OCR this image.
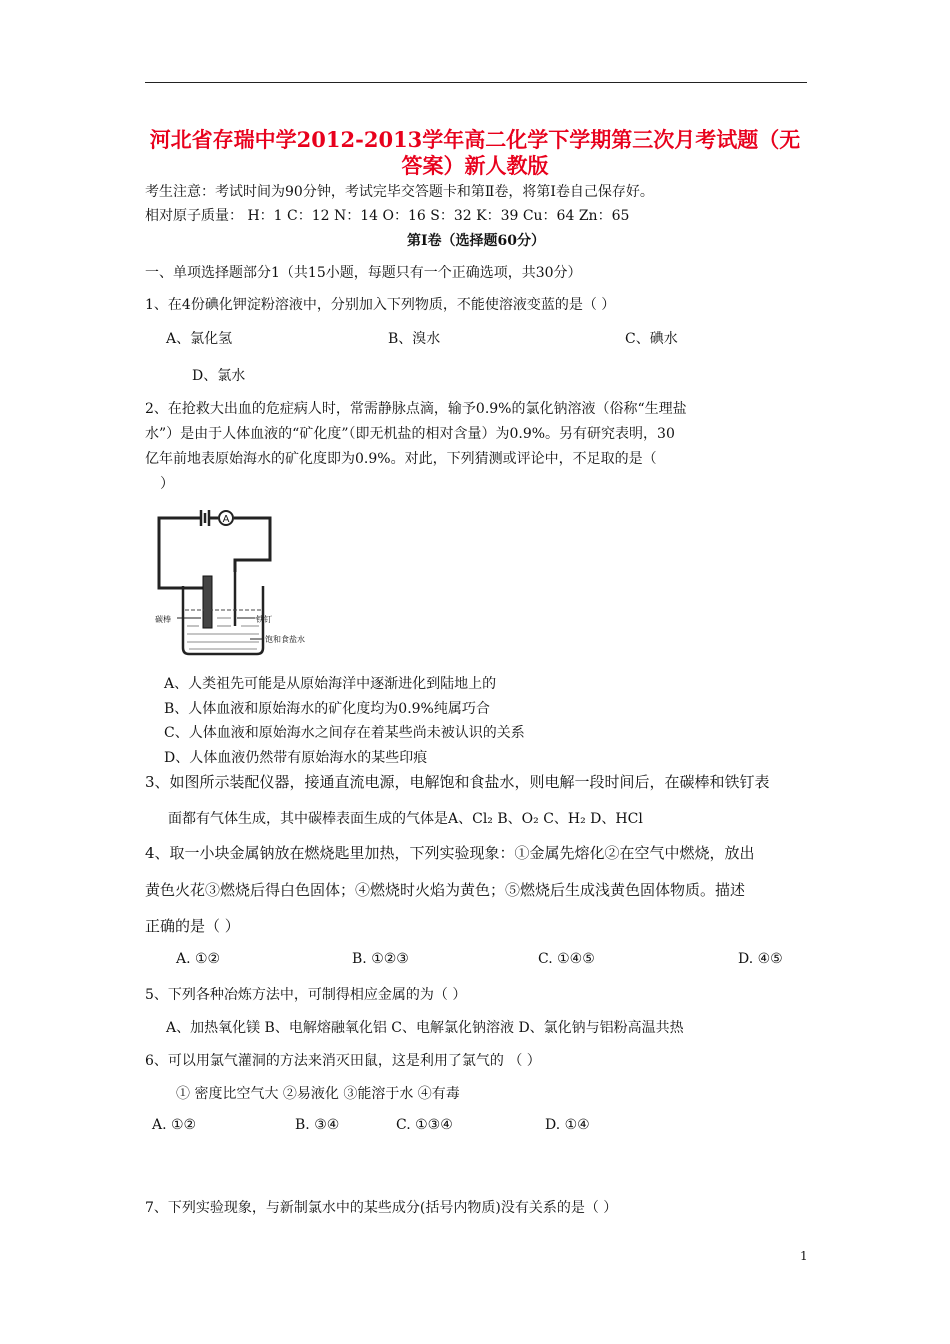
河北省存瑞中学2012-2013学年高二化学下学期第三次月考试题（无
答案）新人教版
考生注意：考试时间为90分钟，考试完毕交答题卡和第Ⅱ卷，将第Ⅰ卷自己保存好。
相对原子质量： H：1 C：12 N：14 O：16 S：32 K：39 Cu：64 Zn：65
第Ⅰ卷（选择题60分）
一、单项选择题部分1（共15小题，每题只有一个正确选项，共30分）
1、在4份碘化钾淀粉溶液中，分别加入下列物质，不能使溶液变蓝的是（ ）
A、氯化氢	B、溴水	C、碘水
D、氯水
2、在抢救大出血的危症病人时，常需静脉点滴，输予0.9%的氯化钠溶液（俗称“生理盐
水”）是由于人体血液的“矿化度”（即无机盐的相对含量）为0.9%。另有研究表明，30
亿年前地表原始海水的矿化度即为0.9%。对此，下列猜测或评论中，不足取的是（
）
A
碳棒	铁钉
饱和食盐水
A、人类祖先可能是从原始海洋中逐渐进化到陆地上的
B、人体血液和原始海水的矿化度均为0.9%纯属巧合
C、人体血液和原始海水之间存在着某些尚未被认识的关系
D、人体血液仍然带有原始海水的某些印痕
3、如图所示装配仪器，接通直流电源，电解饱和食盐水，则电解一段时间后，在碳棒和铁钉表
面都有气体生成，其中碳棒表面生成的气体是A、Cl₂ B、O₂ C、H₂ D、HCl
4、取一小块金属钠放在燃烧匙里加热，下列实验现象：①金属先熔化②在空气中燃烧，放出
黄色火花③燃烧后得白色固体；④燃烧时火焰为黄色；⑤燃烧后生成浅黄色固体物质。描述
正确的是（ ）
A. ①②	B. ①②③	C. ①④⑤	D. ④⑤
5、下列各种冶炼方法中，可制得相应金属的为（ ）
A、加热氧化镁 B、电解熔融氧化铝 C、电解氯化钠溶液 D、氯化钠与铝粉高温共热
6、可以用氯气灌洞的方法来消灭田鼠，这是利用了氯气的 （ ）
① 密度比空气大 ②易液化 ③能溶于水 ④有毒
A. ①②	B. ③④	C. ①③④	D. ①④
7、下列实验现象，与新制氯水中的某些成分(括号内物质)没有关系的是（ ）
1
